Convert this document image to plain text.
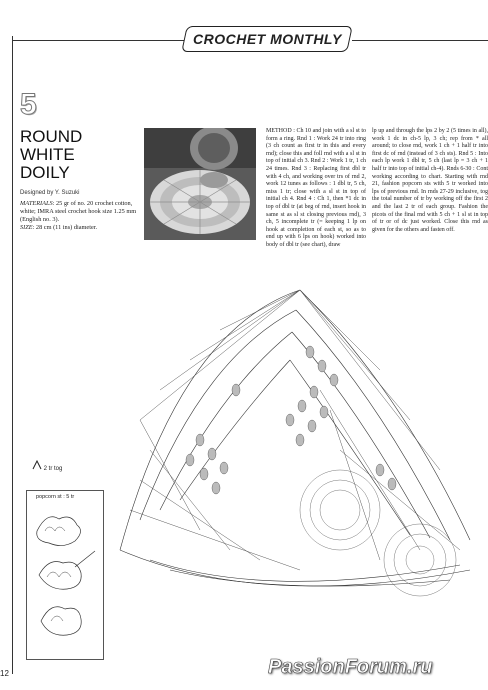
CROCHET MONTHLY
5
ROUND
WHITE
DOILY
Designed by Y. Suzuki
MATERIALS: 25 gr of no. 20 crochet cotton, white; IMRA steel crochet hook size 1.25 mm (English no. 3).
SIZE: 28 cm (11 ins) diameter.
METHOD : Ch 10 and join with a sl st to form a ring. Rnd 1 : Work 24 tr into ring (3 ch count as first tr in this and every rnd); close this and foll rnd with a sl st in top of initial ch 3. Rnd 2 : Work 1 tr, 1 ch 24 times. Rnd 3 : Replacing first dbl tr with 4 ch, and working over trs of rnd 2, work 12 tunes as follows : 1 dbl tr, 5 ch, miss 1 tr; close with a sl st in top of initial ch 4. Rnd 4 : Ch 1, then *1 dc in top of dbl tr (at beg of rnd, insert hook in same st as sl st closing previous rnd), 3 ch, 5 incomplete tr (= keeping 1 lp on hook at completion of each st, so as to end up with 6 lps on hook) worked into body of dbl tr (see chart), draw
lp up and through the lps 2 by 2 (5 times in all), work 1 dc in ch-5 lp, 3 ch; rep from * all around; to close rnd, work 1 ch + 1 half tr into first dc of rnd (instead of 3 ch sts). Rnd 5 : Into each lp work 1 dbl tr, 5 ch (last lp = 3 ch + 1 half tr into top of initial ch-4). Rnds 6-30 : Cont working according to chart. Starting with rnd 21, fashion popcorn sts with 5 tr worked into lps of previous rnd. In rnds 27-29 inclusive, tog the total number of tr by working off the first 2 and the last 2 tr of each group. Fashion the picots of the final rnd with 5 ch + 1 sl st in top of tr or of dc just worked. Close this rnd as given for the others and fasten off.
2 tr tog
popcorn st : 5 tr
12	PassionForum.ru
